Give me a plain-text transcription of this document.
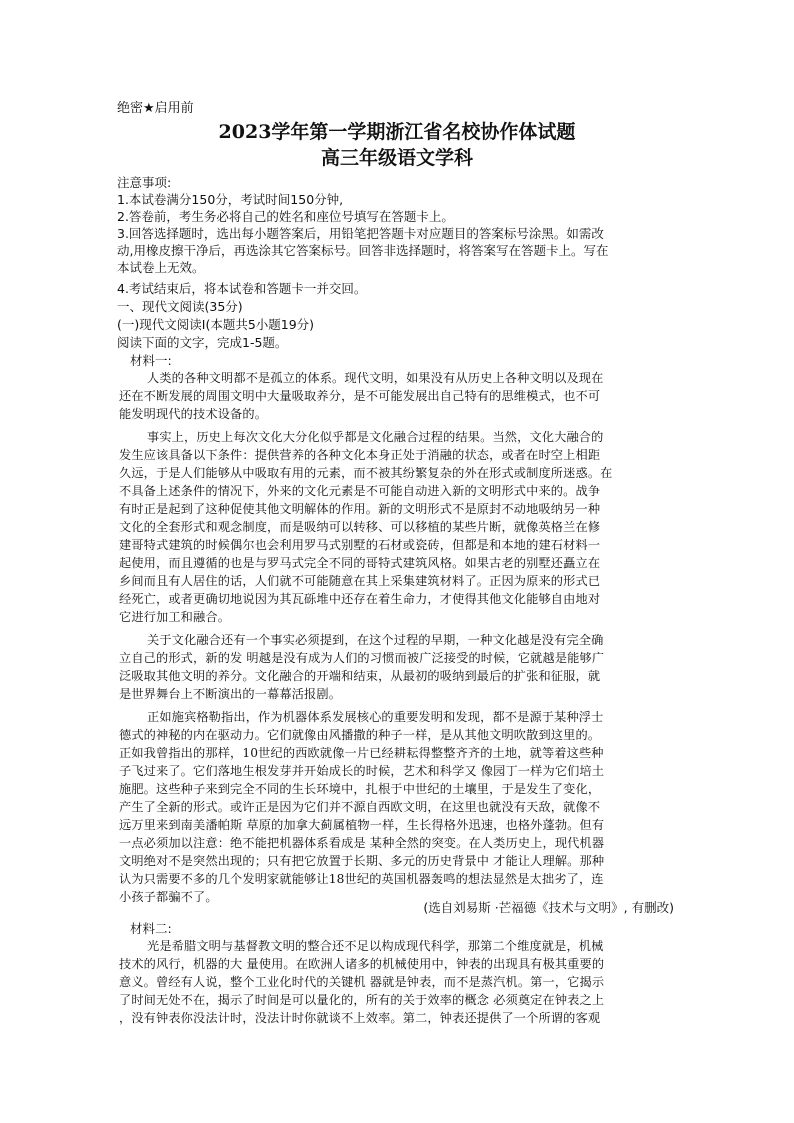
绝密★启用前
2023学年第一学期浙江省名校协作体试题
高三年级语文学科
注意事项:
1.本试卷满分150分，考试时间150分钟,
2.答卷前，考生务必将自己的姓名和座位号填写在答题卡上。
3.回答选择题时，选出每小题答案后，用铅笔把答题卡对应题目的答案标号涂黑。如需改
动,用橡皮擦干净后，再选涂其它答案标号。回答非选择题时，将答案写在答题卡上。写在
本试卷上无效。
4.考试结束后，将本试卷和答题卡一并交回。
一、现代文阅读(35分)
(一)现代文阅读I(本题共5小题19分)
阅读下面的文字，完成1-5题。
材料一:
人类的各种文明都不是孤立的体系。现代文明，如果没有从历史上各种文明以及现在
还在不断发展的周围文明中大量吸取养分，是不可能发展出自己特有的思维模式，也不可
能发明现代的技术设备的。
事实上，历史上每次文化大分化似乎都是文化融合过程的结果。当然，文化大融合的
发生应该具备以下条件：提供营养的各种文化本身正处于消融的状态，或者在时空上相距
久远，于是人们能够从中吸取有用的元素，而不被其纷繁复杂的外在形式或制度所迷惑。在
不具备上述条件的情况下，外来的文化元素是不可能自动进入新的文明形式中来的。战争
有时正是起到了这种促使其他文明解体的作用。新的文明形式不是原封不动地吸纳另一种
文化的全套形式和观念制度，而是吸纳可以转移、可以移植的某些片断，就像英格兰在修
建哥特式建筑的时候偶尔也会利用罗马式别墅的石材或瓷砖，但都是和本地的建石材料一
起使用，而且遵循的也是与罗马式完全不同的哥特式建筑风格。如果古老的别墅还矗立在
乡间而且有人居住的话，人们就不可能随意在其上采集建筑材料了。正因为原来的形式已
经死亡，或者更确切地说因为其瓦砾堆中还存在着生命力，才使得其他文化能够自由地对
它进行加工和融合。
关于文化融合还有一个事实必须提到，在这个过程的早期，一种文化越是没有完全确
立自己的形式，新的发 明越是没有成为人们的习惯而被广泛接受的时候，它就越是能够广
泛吸取其他文明的养分。文化融合的开端和结束，从最初的吸纳到最后的扩张和征服，就
是世界舞台上不断演出的一幕幕活报剧。
正如施宾格勒指出，作为机器体系发展核心的重要发明和发现，都不是源于某种浮士
德式的神秘的内在驱动力。它们就像由风播撒的种子一样，是从其他文明吹散到这里的。
正如我曾指出的那样，10世纪的西欧就像一片已经耕耘得整整齐齐的土地，就等着这些种
子飞过来了。它们落地生根发芽并开始成长的时候，艺术和科学又 像园丁一样为它们培土
施肥。这些种子来到完全不同的生长环境中，扎根于中世纪的土壤里，于是发生了变化，
产生了全新的形式。或许正是因为它们并不源自西欧文明，在这里也就没有天敌，就像不
远万里来到南美潘帕斯 草原的加拿大蓟属植物一样，生长得格外迅速，也格外蓬勃。但有
一点必须加以注意：绝不能把机器体系看成是 某种全然的突变。在人类历史上，现代机器
文明绝对不是突然出现的；只有把它放置于长期、多元的历史背景中 才能让人理解。那种
认为只需要不多的几个发明家就能够让18世纪的英国机器轰鸣的想法显然是太拙劣了，连
小孩子都骗不了。
(选自刘易斯 ·芒福德《技术与文明》, 有删改)
材料二:
光是希腊文明与基督教文明的整合还不足以构成现代科学，那第二个维度就是，机械
技术的风行，机器的大 量使用。在欧洲人诸多的机械使用中，钟表的出现具有极其重要的
意义。曾经有人说，整个工业化时代的关键机 器就是钟表，而不是蒸汽机。第一，它揭示
了时间无处不在，揭示了时间是可以量化的，所有的关于效率的概念 必须奠定在钟表之上
，没有钟表你没法计时，没法计时你就谈不上效率。第二，钟表还提供了一个所谓的客观
